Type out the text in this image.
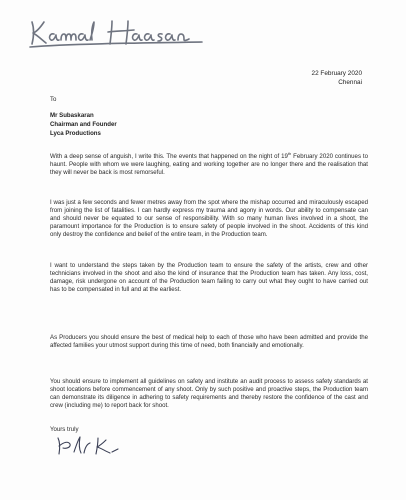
22 February 2020
Chennai
To
Mr Subaskaran
Chairman and Founder
Lyca Productions

With a deep sense of anguish, I write this. The events that happened on the night of 19th February 2020 continues to haunt. People with whom we were laughing, eating and working together are no longer there and the realisation that they will never be back is most remorseful.

I was just a few seconds and fewer metres away from the spot where the mishap occurred and miraculously escaped from joining the list of fatalities. I can hardly express my trauma and agony in words. Our ability to compensate can and should never be equated to our sense of responsibility. With so many human lives involved in a shoot, the paramount importance for the Production is to ensure safety of people involved in the shoot. Accidents of this kind only destroy the confidence and belief of the entire team, in the Production team.

I want to understand the steps taken by the Production team to ensure the safety of the artists, crew and other technicians involved in the shoot and also the kind of insurance that the Production team has taken. Any loss, cost, damage, risk undergone on account of the Production team failing to carry out what they ought to have carried out has to be compensated in full and at the earliest.

As Producers you should ensure the best of medical help to each of those who have been admitted and provide the affected families your utmost support during this time of need, both financially and emotionally.

You should ensure to implement all guidelines on safety and institute an audit process to assess safety standards at shoot locations before commencement of any shoot. Only by such positive and proactive steps, the Production team can demonstrate its diligence in adhering to safety requirements and thereby restore the confidence of the cast and crew (including me) to report back for shoot.

Yours truly
